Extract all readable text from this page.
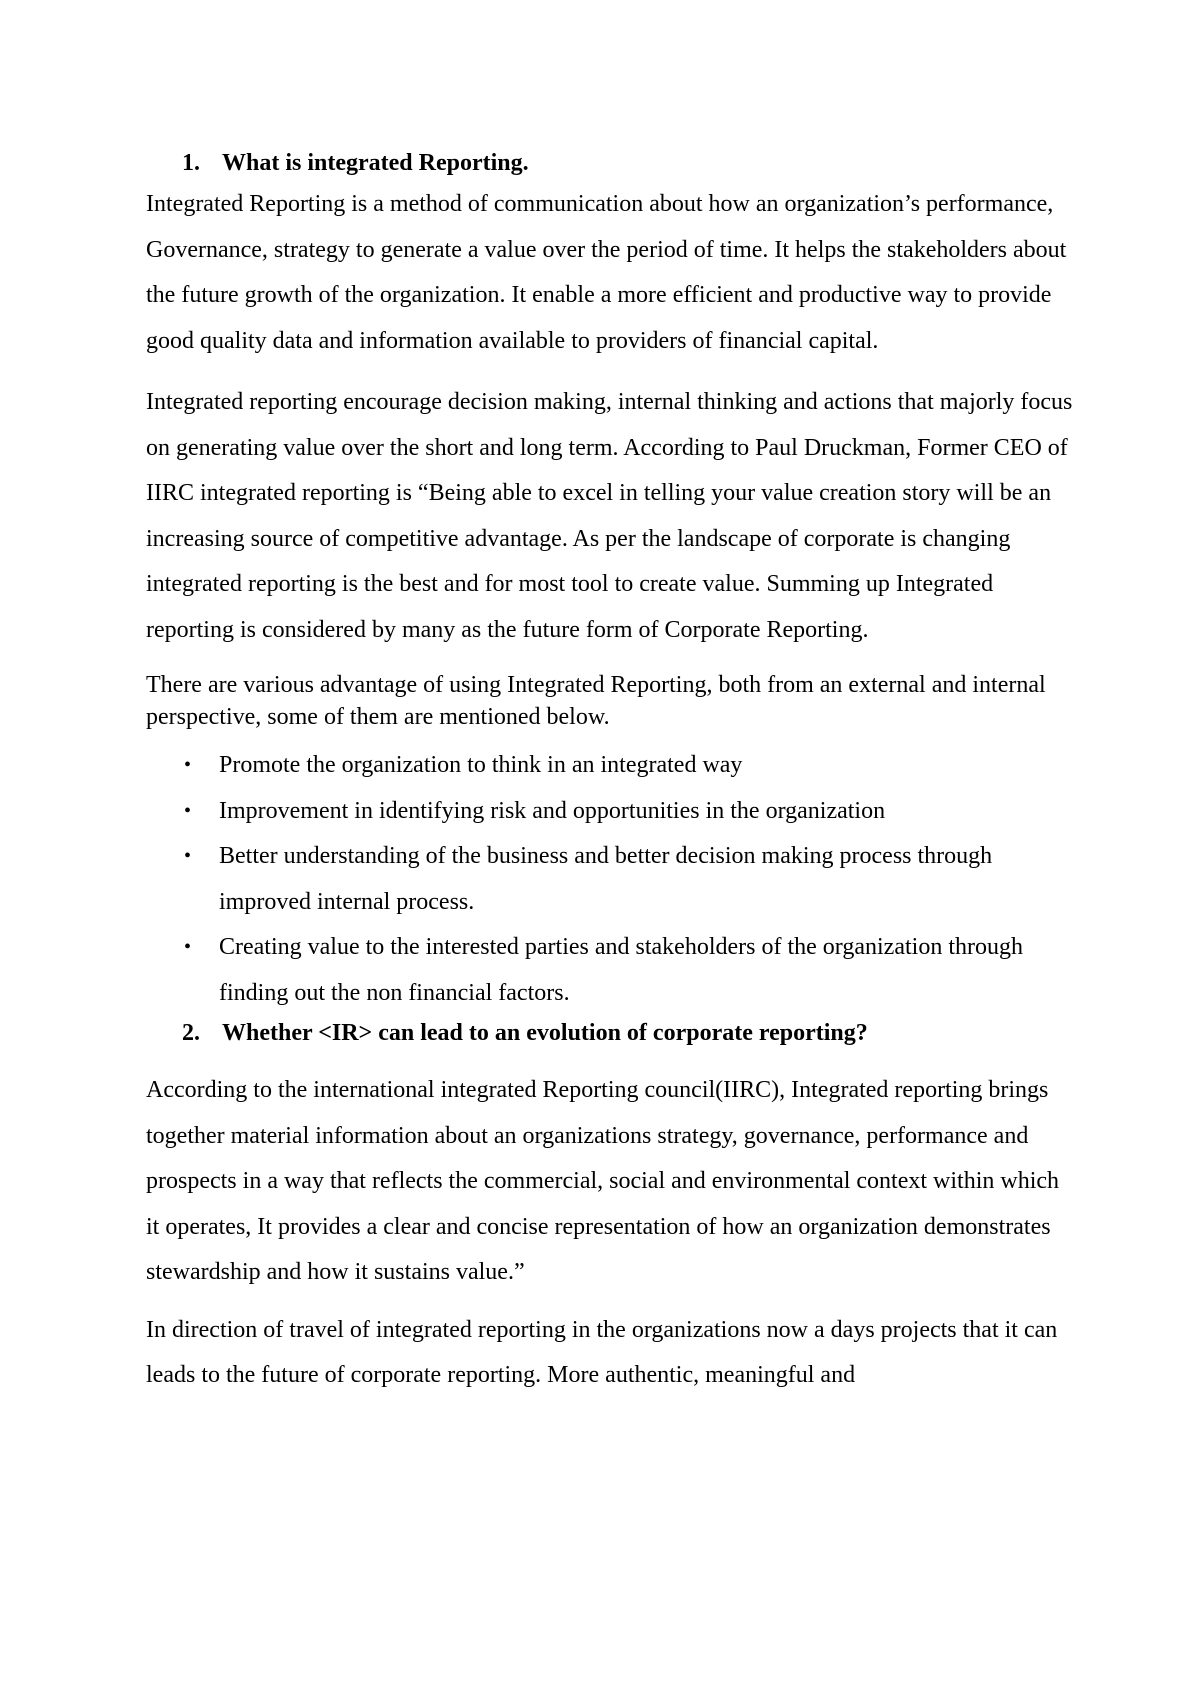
1. What is integrated Reporting.

Integrated Reporting is a method of communication about how an organization’s performance, Governance, strategy to generate a value over the period of time. It helps the stakeholders about the future growth of the organization. It enable a more efficient and productive way to provide good quality data and information available to providers of financial capital.

Integrated reporting encourage decision making, internal thinking and actions that majorly focus on generating value over the short and long term. According to Paul Druckman, Former CEO of IIRC integrated reporting is “Being able to excel in telling your value creation story will be an increasing source of competitive advantage. As per the landscape of corporate is changing integrated reporting is the best and for most tool to create value. Summing up Integrated reporting is considered by many as the future form of Corporate Reporting.

There are various advantage of using Integrated Reporting, both from an external and internal perspective, some of them are mentioned below.

•	Promote the organization to think in an integrated way
•	Improvement in identifying risk and opportunities in the organization
•	Better understanding of the business and better decision making process through improved internal process.
•	Creating value to the interested parties and stakeholders of the organization through finding out the non financial factors.
2. Whether <IR> can lead to an evolution of corporate reporting?

According to the international integrated Reporting council(IIRC), Integrated reporting brings together material information about an organizations strategy, governance, performance and prospects in a way that reflects the commercial, social and environmental context within which it operates, It provides a clear and concise representation of how an organization demonstrates stewardship and how it sustains value.”

In direction of travel of integrated reporting in the organizations now a days projects that it can leads to the future of corporate reporting. More authentic, meaningful and
